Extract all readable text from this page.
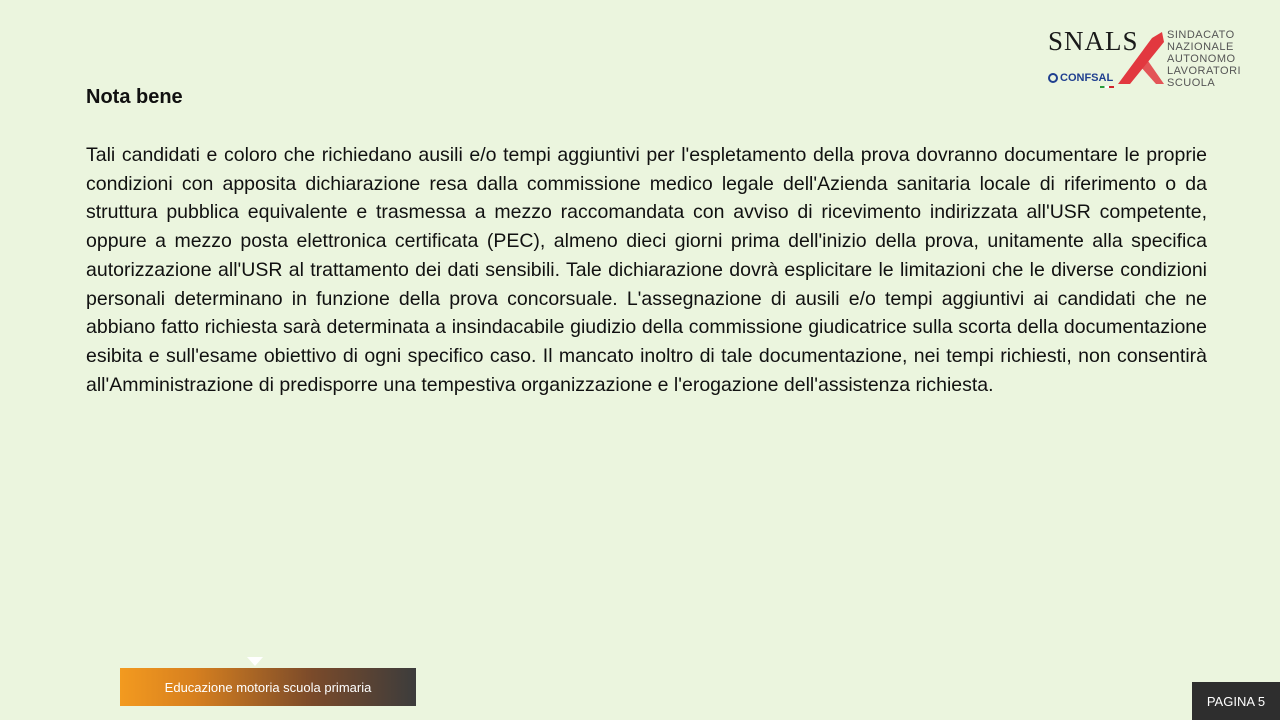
SNALS	SINDACATO
NAZIONALE
AUTONOMO
LAVORATORI
SCUOLA
CONFSAL
Nota bene
Tali candidati e coloro che richiedano ausili e/o tempi aggiuntivi per l'espletamento della prova dovranno documentare le proprie condizioni con apposita dichiarazione resa dalla commissione medico legale dell'Azienda sanitaria locale di riferimento o da struttura pubblica equivalente e trasmessa a mezzo raccomandata con avviso di ricevimento indirizzata all'USR competente, oppure a mezzo posta elettronica certificata (PEC), almeno dieci giorni prima dell'inizio della prova, unitamente alla specifica autorizzazione all'USR al trattamento dei dati sensibili. Tale dichiarazione dovrà esplicitare le limitazioni che le diverse condizioni personali determinano in funzione della prova concorsuale. L'assegnazione di ausili e/o tempi aggiuntivi ai candidati che ne abbiano fatto richiesta sarà determinata a insindacabile giudizio della commissione giudicatrice sulla scorta della documentazione esibita e sull'esame obiettivo di ogni specifico caso. Il mancato inoltro di tale documentazione, nei tempi richiesti, non consentirà all'Amministrazione di predisporre una tempestiva organizzazione e l'erogazione dell'assistenza richiesta.
Educazione motoria scuola primaria
PAGINA 5
